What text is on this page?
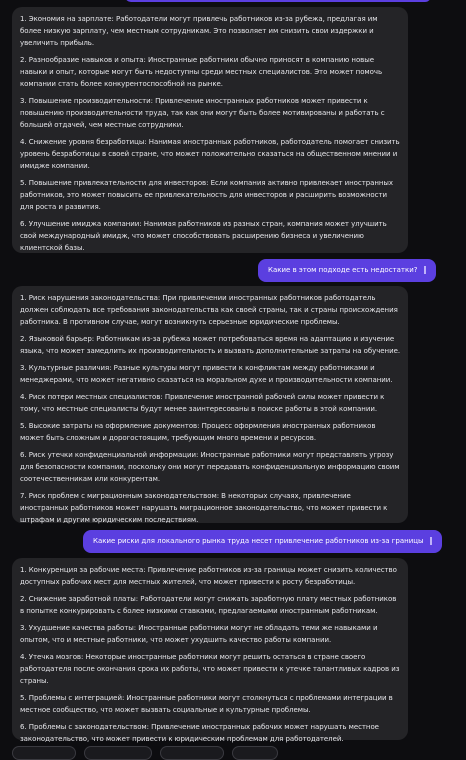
1. Экономия на зарплате: Работодатели могут привлечь работников из-за рубежа, предлагая им более низкую зарплату, чем местным сотрудникам. Это позволяет им снизить свои издержки и увеличить прибыль.

2. Разнообразие навыков и опыта: Иностранные работники обычно приносят в компанию новые навыки и опыт, которые могут быть недоступны среди местных специалистов. Это может помочь компании стать более конкурентоспособной на рынке.

3. Повышение производительности: Привлечение иностранных работников может привести к повышению производительности труда, так как они могут быть более мотивированы и работать с большей отдачей, чем местные сотрудники.

4. Снижение уровня безработицы: Нанимая иностранных работников, работодатель помогает снизить уровень безработицы в своей стране, что может положительно сказаться на общественном мнении и имидже компании.

5. Повышение привлекательности для инвесторов: Если компания активно привлекает иностранных работников, это может повысить ее привлекательность для инвесторов и расширить возможности для роста и развития.

6. Улучшение имиджа компании: Нанимая работников из разных стран, компания может улучшить свой международный имидж, что может способствовать расширению бизнеса и увеличению клиентской базы.

Какие в этом подходе есть недостатки?

1. Риск нарушения законодательства: При привлечении иностранных работников работодатель должен соблюдать все требования законодательства как своей страны, так и страны происхождения работника. В противном случае, могут возникнуть серьезные юридические проблемы.

2. Языковой барьер: Работникам из-за рубежа может потребоваться время на адаптацию и изучение языка, что может замедлить их производительность и вызвать дополнительные затраты на обучение.

3. Культурные различия: Разные культуры могут привести к конфликтам между работниками и менеджерами, что может негативно сказаться на моральном духе и производительности компании.

4. Риск потери местных специалистов: Привлечение иностранной рабочей силы может привести к тому, что местные специалисты будут менее заинтересованы в поиске работы в этой компании.

5. Высокие затраты на оформление документов: Процесс оформления иностранных работников может быть сложным и дорогостоящим, требующим много времени и ресурсов.

6. Риск утечки конфиденциальной информации: Иностранные работники могут представлять угрозу для безопасности компании, поскольку они могут передавать конфиденциальную информацию своим соотечественникам или конкурентам.

7. Риск проблем с миграционным законодательством: В некоторых случаях, привлечение иностранных работников может нарушать миграционное законодательство, что может привести к штрафам и другим юридическим последствиям.

Какие риски для локального рынка труда несет привлечение работников из-за границы

1. Конкуренция за рабочие места: Привлечение работников из-за границы может снизить количество доступных рабочих мест для местных жителей, что может привести к росту безработицы.

2. Снижение заработной платы: Работодатели могут снижать заработную плату местных работников в попытке конкурировать с более низкими ставками, предлагаемыми иностранным работникам.

3. Ухудшение качества работы: Иностранные работники могут не обладать теми же навыками и опытом, что и местные работники, что может ухудшить качество работы компании.

4. Утечка мозгов: Некоторые иностранные работники могут решить остаться в стране своего работодателя после окончания срока их работы, что может привести к утечке талантливых кадров из страны.

5. Проблемы с интеграцией: Иностранные работники могут столкнуться с проблемами интеграции в местное сообщество, что может вызвать социальные и культурные проблемы.

6. Проблемы с законодательством: Привлечение иностранных рабочих может нарушать местное законодательство, что может привести к юридическим проблемам для работодателей.
